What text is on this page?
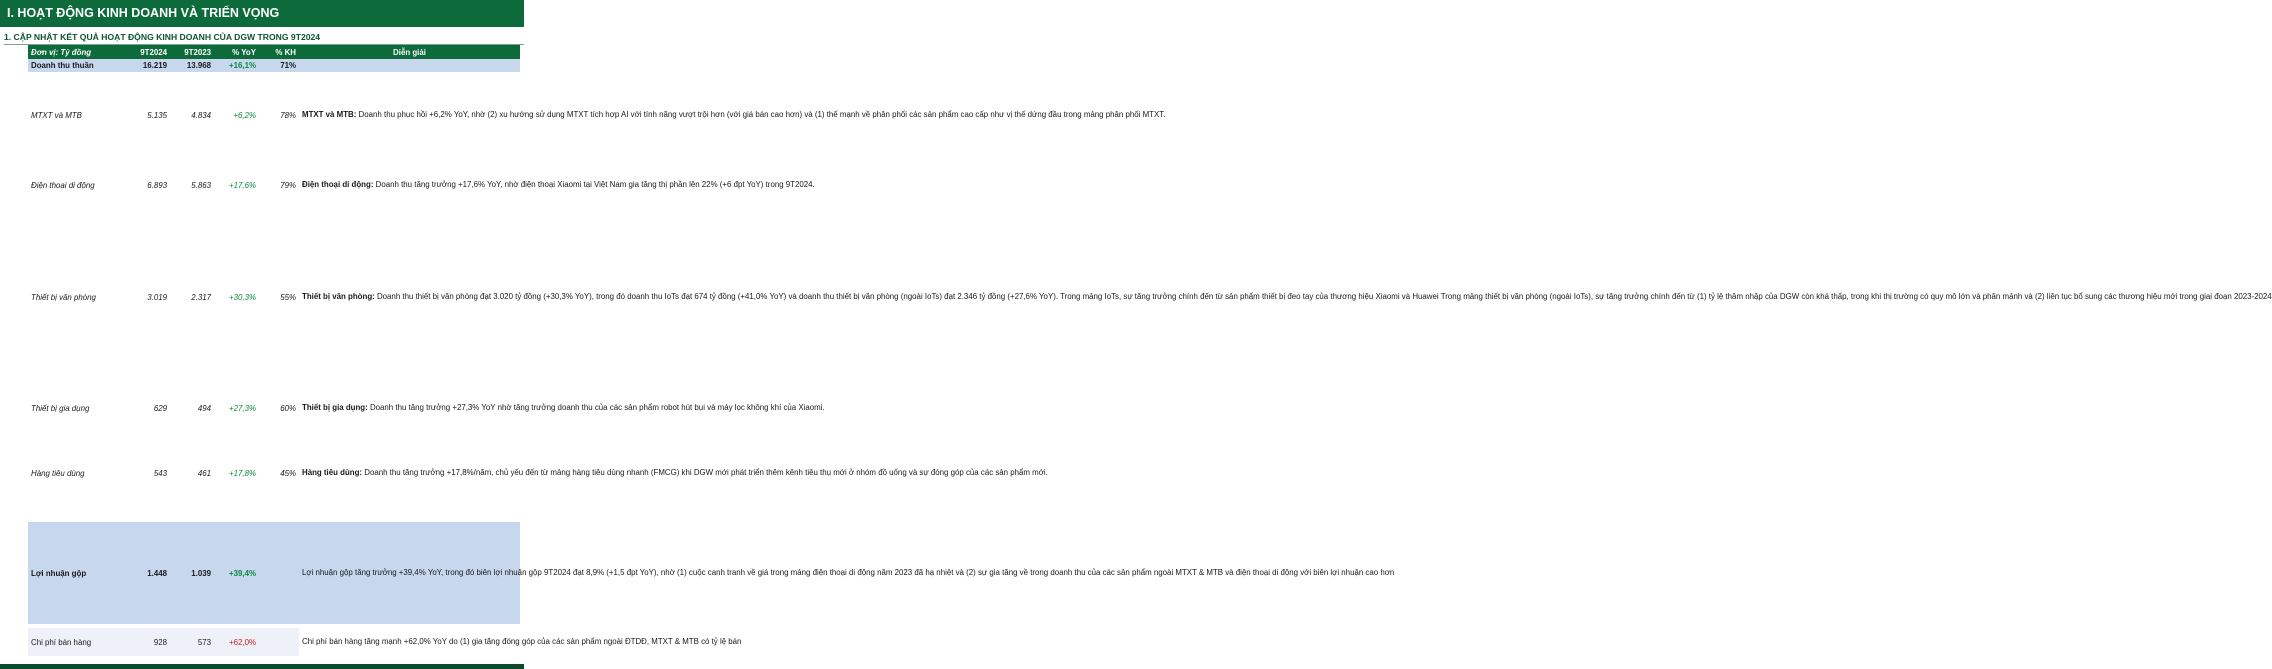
I. HOẠT ĐỘNG KINH DOANH VÀ TRIỂN VỌNG
1. CẬP NHẬT KẾT QUẢ HOẠT ĐỘNG KINH DOANH CỦA DGW TRONG 9T2024
Đơn vị: Tỷ đồng	9T2024	9T2023	% YoY	% KH	Diễn giải
Doanh thu thuần	16.219	13.968	+16,1%	71%	
MTXT và MTB	5.135	4.834	+6,2%	78%	MTXT và MTB: Doanh thu phục hồi +6,2% YoY, nhờ (2) xu hướng sử dụng MTXT tích hợp AI với tính năng vượt trội hơn (với giá bán cao hơn) và (1) thế mạnh về phân phối các sản phẩm cao cấp như vị thế dứng đầu trong mảng phân phối MTXT.
Điện thoại di động	6.893	5.863	+17,6%	79%	Điện thoại di động: Doanh thu tăng trưởng +17,6% YoY, nhờ điện thoại Xiaomi tại Việt Nam gia tăng thị phần lên 22% (+6 đpt YoY) trong 9T2024.
Thiết bị văn phòng	3.019	2.317	+30,3%	55%	Thiết bị văn phòng: Doanh thu thiết bị văn phòng đạt 3.020 tỷ đồng (+30,3% YoY), trong đó doanh thu IoTs đạt 674 tỷ đồng (+41,0% YoY) và doanh thu thiết bị văn phòng (ngoài IoTs) đạt 2.346 tỷ đồng (+27,6% YoY). Trong mảng IoTs, sự tăng trưởng chính đến từ sản phẩm thiết bị đeo tay của thương hiệu Xiaomi và Huawei Trong mảng thiết bị văn phòng (ngoài IoTs), sự tăng trưởng chính đến từ (1) tỷ lệ thâm nhập của DGW còn khá thấp, trong khi thị trường có quy mô lớn và phân mảnh và (2) liên tục bổ sung các thương hiệu mới trong giai đoạn 2023-2024
Thiết bị gia dụng	629	494	+27,3%	60%	Thiết bị gia dụng: Doanh thu tăng trưởng +27,3% YoY nhờ tăng trưởng doanh thu của các sản phẩm robot hút bụi và máy lọc không khí của Xiaomi.
Hàng tiêu dùng	543	461	+17,8%	45%	Hàng tiêu dùng: Doanh thu tăng trưởng +17,8%/năm, chủ yếu đến từ mảng hàng tiêu dùng nhanh (FMCG) khi DGW mới phát triển thêm kênh tiêu thụ mới ở nhóm đồ uống và sự đóng góp của các sản phẩm mới.

Lợi nhuận gộp	1.448	1.039	+39,4%		Lợi nhuận gộp tăng trưởng +39,4% YoY, trong đó biên lợi nhuận gộp 9T2024 đạt 8,9% (+1,5 đpt YoY), nhờ (1) cuộc canh tranh về giá trong mảng điện thoại di động năm 2023 đã hạ nhiệt và (2) sự gia tăng về trong doanh thu của các sản phẩm ngoài MTXT & MTB và điện thoại di động với biên lợi nhuận cao hơn

Chi phí bán hàng	928	573	+62,0%		Chi phí bán hàng tăng mạnh +62,0% YoY do (1) gia tăng đóng góp của các sản phẩm ngoài ĐTDĐ, MTXT & MTB có tỷ lệ bán
